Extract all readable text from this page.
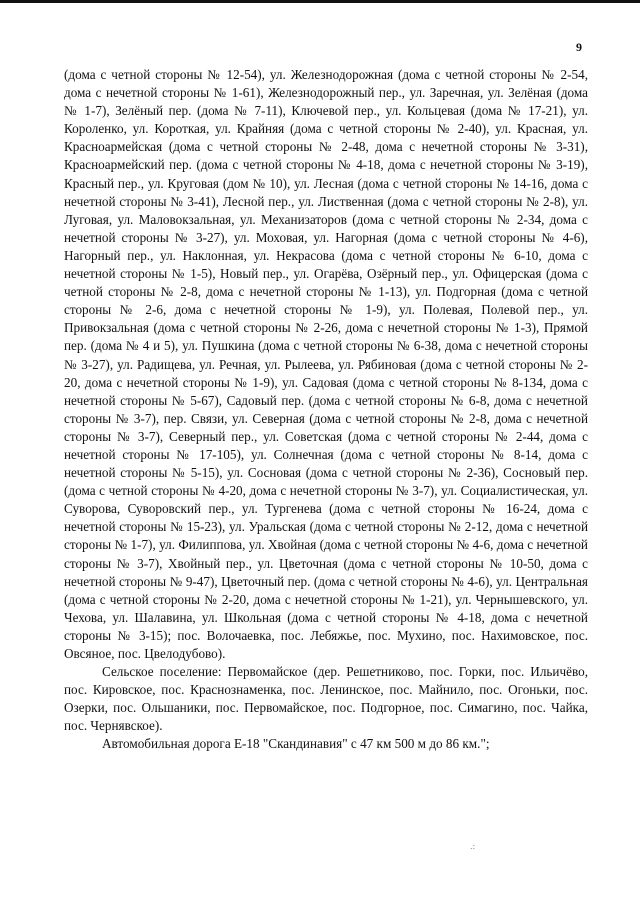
9

(дома с четной стороны № 12-54), ул. Железнодорожная (дома с четной стороны № 2-54, дома с нечетной стороны № 1-61), Железнодорожный пер., ул. Заречная, ул. Зелёная (дома № 1-7), Зелёный пер. (дома № 7-11), Ключевой пер., ул. Кольцевая (дома № 17-21), ул. Короленко, ул. Короткая, ул. Крайняя (дома с четной стороны № 2-40), ул. Красная, ул. Красноармейская (дома с четной стороны № 2-48, дома с нечетной стороны № 3-31), Красноармейский пер. (дома с четной стороны № 4-18, дома с нечетной стороны № 3-19), Красный пер., ул. Круговая (дом № 10), ул. Лесная (дома с четной стороны № 14-16, дома с нечетной стороны № 3-41), Лесной пер., ул. Лиственная (дома с четной стороны № 2-8), ул. Луговая, ул. Маловокзальная, ул. Механизаторов (дома с четной стороны № 2-34, дома с нечетной стороны № 3-27), ул. Моховая, ул. Нагорная (дома с четной стороны № 4-6), Нагорный пер., ул. Наклонная, ул. Некрасова (дома с четной стороны № 6-10, дома с нечетной стороны № 1-5), Новый пер., ул. Огарёва, Озёрный пер., ул. Офицерская (дома с четной стороны № 2-8, дома с нечетной стороны № 1-13), ул. Подгорная (дома с четной стороны № 2-6, дома с нечетной стороны № 1-9), ул. Полевая, Полевой пер., ул. Привокзальная (дома с четной стороны № 2-26, дома с нечетной стороны № 1-3), Прямой пер. (дома № 4 и 5), ул. Пушкина (дома с четной стороны № 6-38, дома с нечетной стороны № 3-27), ул. Радищева, ул. Речная, ул. Рылеева, ул. Рябиновая (дома с четной стороны № 2-20, дома с нечетной стороны № 1-9), ул. Садовая (дома с четной стороны № 8-134, дома с нечетной стороны № 5-67), Садовый пер. (дома с четной стороны № 6-8, дома с нечетной стороны № 3-7), пер. Связи, ул. Северная (дома с четной стороны № 2-8, дома с нечетной стороны № 3-7), Северный пер., ул. Советская (дома с четной стороны № 2-44, дома с нечетной стороны № 17-105), ул. Солнечная (дома с четной стороны № 8-14, дома с нечетной стороны № 5-15), ул. Сосновая (дома с четной стороны № 2-36), Сосновый пер. (дома с четной стороны № 4-20, дома с нечетной стороны № 3-7), ул. Социалистическая, ул. Суворова, Суворовский пер., ул. Тургенева (дома с четной стороны № 16-24, дома с нечетной стороны № 15-23), ул. Уральская (дома с четной стороны № 2-12, дома с нечетной стороны № 1-7), ул. Филиппова, ул. Хвойная (дома с четной стороны № 4-6, дома с нечетной стороны № 3-7), Хвойный пер., ул. Цветочная (дома с четной стороны № 10-50, дома с нечетной стороны № 9-47), Цветочный пер. (дома с четной стороны № 4-6), ул. Центральная (дома с четной стороны № 2-20, дома с нечетной стороны № 1-21), ул. Чернышевского, ул. Чехова, ул. Шалавина, ул. Школьная (дома с четной стороны № 4-18, дома с нечетной стороны № 3-15); пос. Волочаевка, пос. Лебяжье, пос. Мухино, пос. Нахимовское, пос. Овсяное, пос. Цвелодубово).

Сельское поселение: Первомайское (дер. Решетниково, пос. Горки, пос. Ильичёво, пос. Кировское, пос. Краснознаменка, пос. Ленинское, пос. Майнило, пос. Огоньки, пос. Озерки, пос. Ольшаники, пос. Первомайское, пос. Подгорное, пос. Симагино, пос. Чайка, пос. Чернявское).

Автомобильная дорога Е-18 "Скандинавия" с 47 км 500 м до 86 км.";

.:
